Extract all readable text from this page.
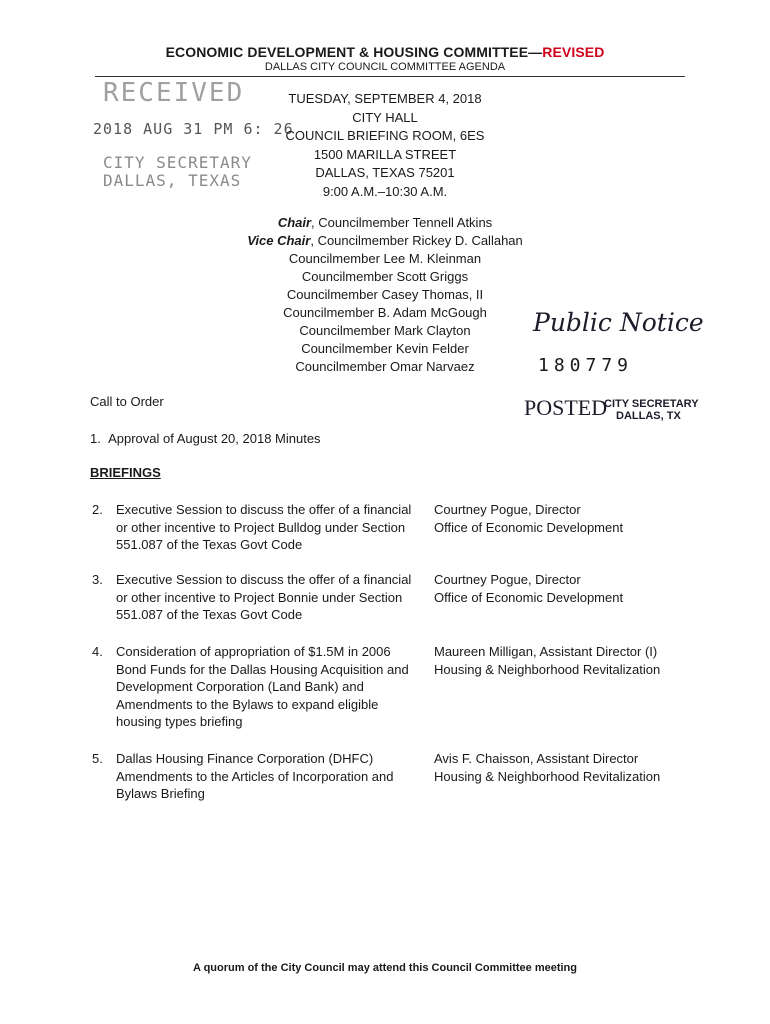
ECONOMIC DEVELOPMENT & HOUSING COMMITTEE—REVISED
DALLAS CITY COUNCIL COMMITTEE AGENDA
RECEIVED
2018 AUG 31 PM 6: 26
CITY SECRETARY
DALLAS, TEXAS
TUESDAY, SEPTEMBER 4, 2018
CITY HALL
COUNCIL BRIEFING ROOM, 6ES
1500 MARILLA STREET
DALLAS, TEXAS 75201
9:00 A.M.–10:30 A.M.
Chair, Councilmember Tennell Atkins
Vice Chair, Councilmember Rickey D. Callahan
Councilmember Lee M. Kleinman
Councilmember Scott Griggs
Councilmember Casey Thomas, II
Councilmember B. Adam McGough
Councilmember Mark Clayton
Councilmember Kevin Felder
Councilmember Omar Narvaez
Public Notice
180779
POSTED
CITY SECRETARY
DALLAS, TX
Call to Order
1. Approval of August 20, 2018 Minutes
BRIEFINGS
2. Executive Session to discuss the offer of a financial
or other incentive to Project Bulldog under Section
551.087 of the Texas Govt Code
Courtney Pogue, Director
Office of Economic Development
3. Executive Session to discuss the offer of a financial
or other incentive to Project Bonnie under Section
551.087 of the Texas Govt Code
Courtney Pogue, Director
Office of Economic Development
4. Consideration of appropriation of $1.5M in 2006
Bond Funds for the Dallas Housing Acquisition and
Development Corporation (Land Bank) and
Amendments to the Bylaws to expand eligible
housing types briefing
Maureen Milligan, Assistant Director (I)
Housing & Neighborhood Revitalization
5. Dallas Housing Finance Corporation (DHFC)
Amendments to the Articles of Incorporation and
Bylaws Briefing
Avis F. Chaisson, Assistant Director
Housing & Neighborhood Revitalization
A quorum of the City Council may attend this Council Committee meeting
